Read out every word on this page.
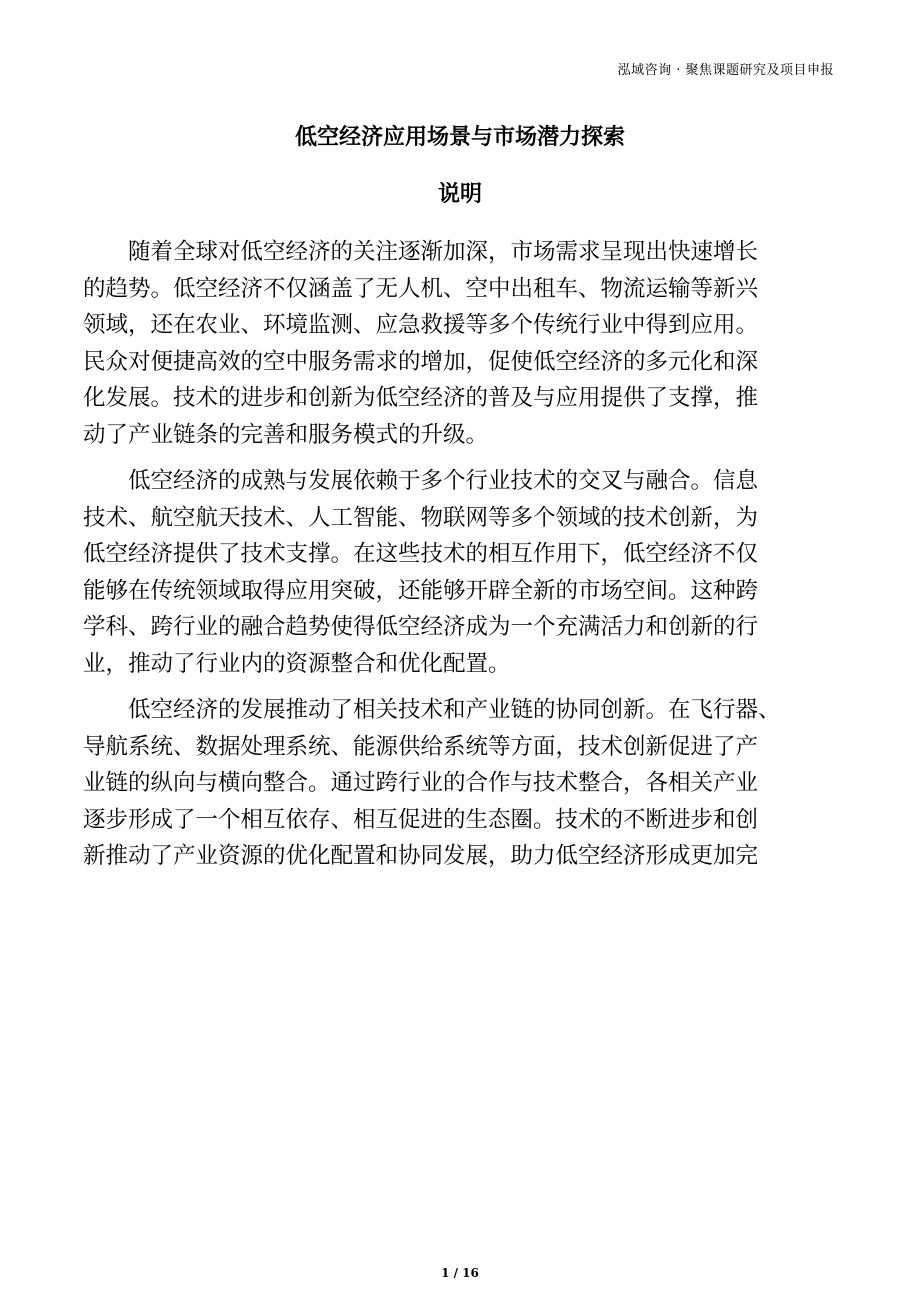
泓域咨询 · 聚焦课题研究及项目申报
低空经济应用场景与市场潜力探索
说明
　　随着全球对低空经济的关注逐渐加深，市场需求呈现出快速增长
的趋势。低空经济不仅涵盖了无人机、空中出租车、物流运输等新兴
领域，还在农业、环境监测、应急救援等多个传统行业中得到应用。
民众对便捷高效的空中服务需求的增加，促使低空经济的多元化和深
化发展。技术的进步和创新为低空经济的普及与应用提供了支撑，推
动了产业链条的完善和服务模式的升级。
　　低空经济的成熟与发展依赖于多个行业技术的交叉与融合。信息
技术、航空航天技术、人工智能、物联网等多个领域的技术创新，为
低空经济提供了技术支撑。在这些技术的相互作用下，低空经济不仅
能够在传统领域取得应用突破，还能够开辟全新的市场空间。这种跨
学科、跨行业的融合趋势使得低空经济成为一个充满活力和创新的行
业，推动了行业内的资源整合和优化配置。
　　低空经济的发展推动了相关技术和产业链的协同创新。在飞行器、
导航系统、数据处理系统、能源供给系统等方面，技术创新促进了产
业链的纵向与横向整合。通过跨行业的合作与技术整合，各相关产业
逐步形成了一个相互依存、相互促进的生态圈。技术的不断进步和创
新推动了产业资源的优化配置和协同发展，助力低空经济形成更加完
1 / 16
